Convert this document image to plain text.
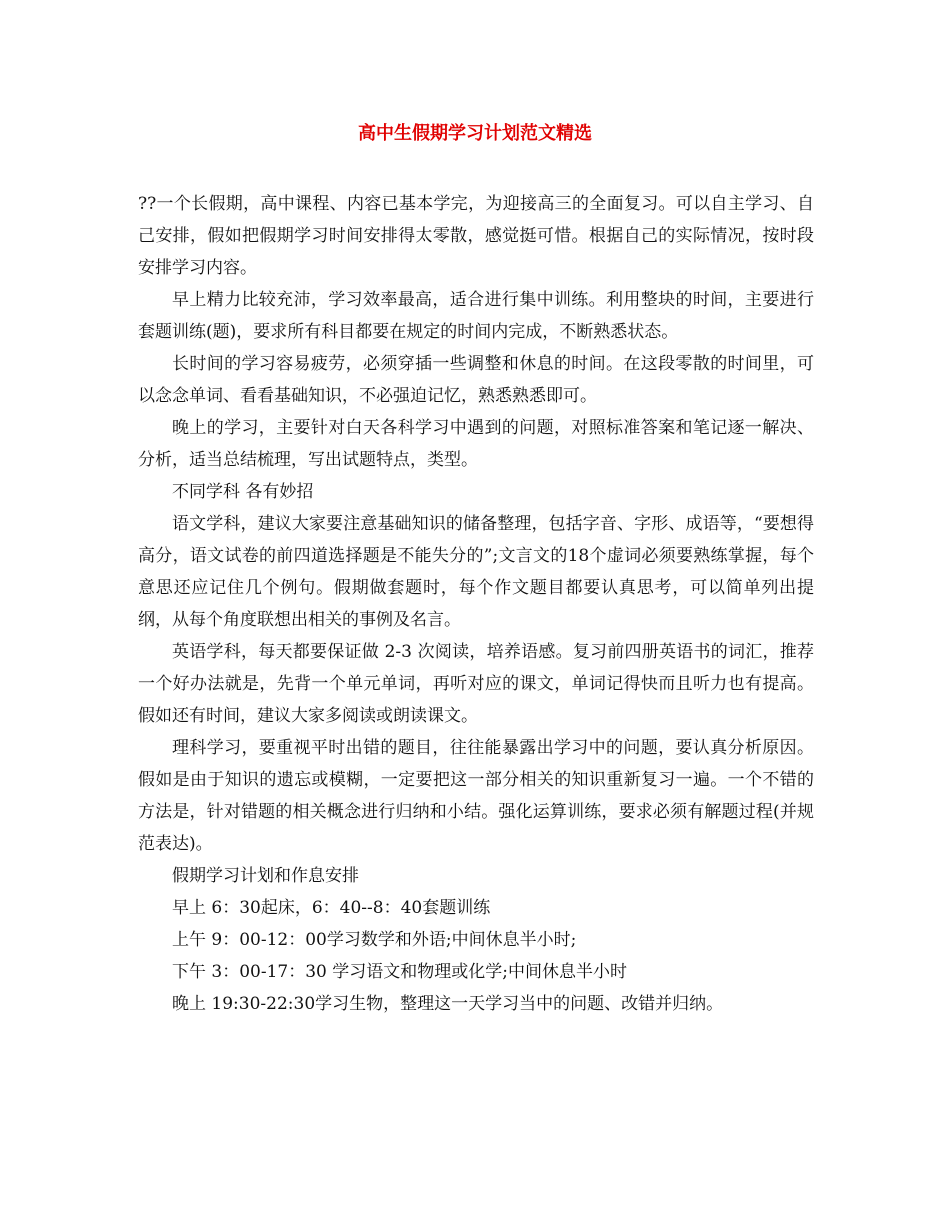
高中生假期学习计划范文精选

??一个长假期，高中课程、内容已基本学完，为迎接高三的全面复习。可以自主学习、自己安排，假如把假期学习时间安排得太零散，感觉挺可惜。根据自己的实际情况，按时段安排学习内容。

早上精力比较充沛，学习效率最高，适合进行集中训练。利用整块的时间，主要进行套题训练(题)，要求所有科目都要在规定的时间内完成，不断熟悉状态。

长时间的学习容易疲劳，必须穿插一些调整和休息的时间。在这段零散的时间里，可以念念单词、看看基础知识，不必强迫记忆，熟悉熟悉即可。

晚上的学习，主要针对白天各科学习中遇到的问题，对照标准答案和笔记逐一解决、分析，适当总结梳理，写出试题特点，类型。

不同学科 各有妙招

语文学科，建议大家要注意基础知识的储备整理，包括字音、字形、成语等，“要想得高分，语文试卷的前四道选择题是不能失分的”;文言文的18个虚词必须要熟练掌握，每个意思还应记住几个例句。假期做套题时，每个作文题目都要认真思考，可以简单列出提纲，从每个角度联想出相关的事例及名言。

英语学科，每天都要保证做 2-3 次阅读，培养语感。复习前四册英语书的词汇，推荐一个好办法就是，先背一个单元单词，再听对应的课文，单词记得快而且听力也有提高。假如还有时间，建议大家多阅读或朗读课文。

理科学习，要重视平时出错的题目，往往能暴露出学习中的问题，要认真分析原因。假如是由于知识的遗忘或模糊，一定要把这一部分相关的知识重新复习一遍。一个不错的方法是，针对错题的相关概念进行归纳和小结。强化运算训练，要求必须有解题过程(并规范表达)。

假期学习计划和作息安排

早上 6：30起床，6：40--8：40套题训练

上午 9：00-12：00学习数学和外语;中间休息半小时;

下午 3：00-17：30 学习语文和物理或化学;中间休息半小时

晚上 19:30-22:30学习生物，整理这一天学习当中的问题、改错并归纳。
